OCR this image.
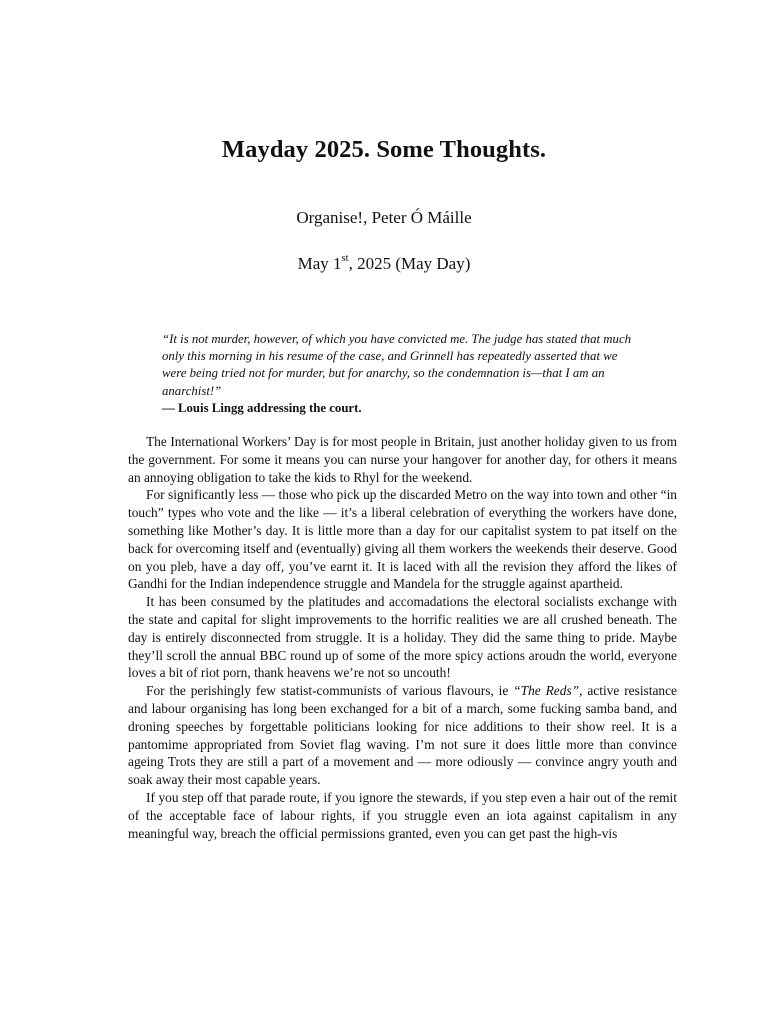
Mayday 2025. Some Thoughts.

Organise!, Peter Ó Máille

May 1st, 2025 (May Day)

“It is not murder, however, of which you have convicted me. The judge has stated that much only this morning in his resume of the case, and Grinnell has repeatedly asserted that we were being tried not for murder, but for anarchy, so the condemnation is—that I am an anarchist!”

— Louis Lingg addressing the court.

The International Workers’ Day is for most people in Britain, just another holiday given to us from the government. For some it means you can nurse your hangover for another day, for others it means an annoying obligation to take the kids to Rhyl for the weekend.

For significantly less — those who pick up the discarded Metro on the way into town and other “in touch” types who vote and the like — it’s a liberal celebration of everything the workers have done, something like Mother’s day. It is little more than a day for our capitalist system to pat itself on the back for overcoming itself and (eventually) giving all them workers the weekends their deserve. Good on you pleb, have a day off, you’ve earnt it. It is laced with all the revision they afford the likes of Gandhi for the Indian independence struggle and Mandela for the struggle against apartheid.

It has been consumed by the platitudes and accomadations the electoral socialists exchange with the state and capital for slight improvements to the horrific realities we are all crushed beneath. The day is entirely disconnected from struggle. It is a holiday. They did the same thing to pride. Maybe they’ll scroll the annual BBC round up of some of the more spicy actions aroudn the world, everyone loves a bit of riot porn, thank heavens we’re not so uncouth!

For the perishingly few statist-communists of various flavours, ie “The Reds”, active resistance and labour organising has long been exchanged for a bit of a march, some fucking samba band, and droning speeches by forgettable politicians looking for nice additions to their show reel. It is a pantomime appropriated from Soviet flag waving. I’m not sure it does little more than convince ageing Trots they are still a part of a movement and — more odiously — convince angry youth and soak away their most capable years.

If you step off that parade route, if you ignore the stewards, if you step even a hair out of the remit of the acceptable face of labour rights, if you struggle even an iota against capitalism in any meaningful way, breach the official permissions granted, even you can get past the high-vis
